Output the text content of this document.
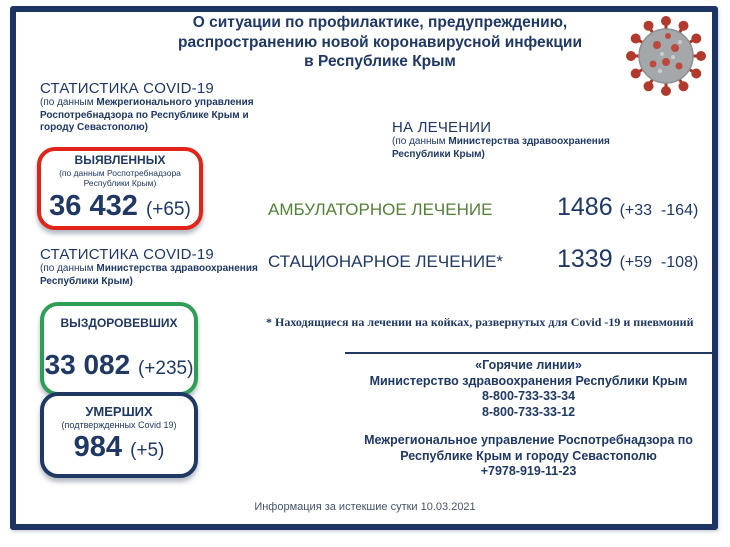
О ситуации по профилактике, предупреждению,
распространению новой коронавирусной инфекции
в Республике Крым
СТАТИСТИКА COVID-19
(по данным Межрегионального управления Роспотребнадзора по Республике Крым и городу Севастополю)
ВЫЯВЛЕННЫХ
(по данным Роспотребнадзора
Республики Крым)
36 432 (+65)
СТАТИСТИКА COVID-19
(по данным Министерства здравоохранения Республики Крым)
ВЫЗДОРОВЕВШИХ
33 082 (+235)
УМЕРШИХ
(подтвержденных Covid 19)
984 (+5)
НА ЛЕЧЕНИИ
(по данным Министерства здравоохранения Республики Крым)
АМБУЛАТОРНОЕ ЛЕЧЕНИЕ	1486 (+33  -164)
СТАЦИОНАРНОЕ ЛЕЧЕНИЕ* 1339 (+59  -108)
* Находящиеся на лечении на койках, развернутых для Covid -19 и пневмоний
«Горячие линии»
Министерство здравоохранения Республики Крым
8-800-733-33-34
8-800-733-33-12
Межрегиональное управление Роспотребнадзора по Республике Крым и городу Севастополю
+7978-919-11-23
Информация за истекшие сутки 10.03.2021
